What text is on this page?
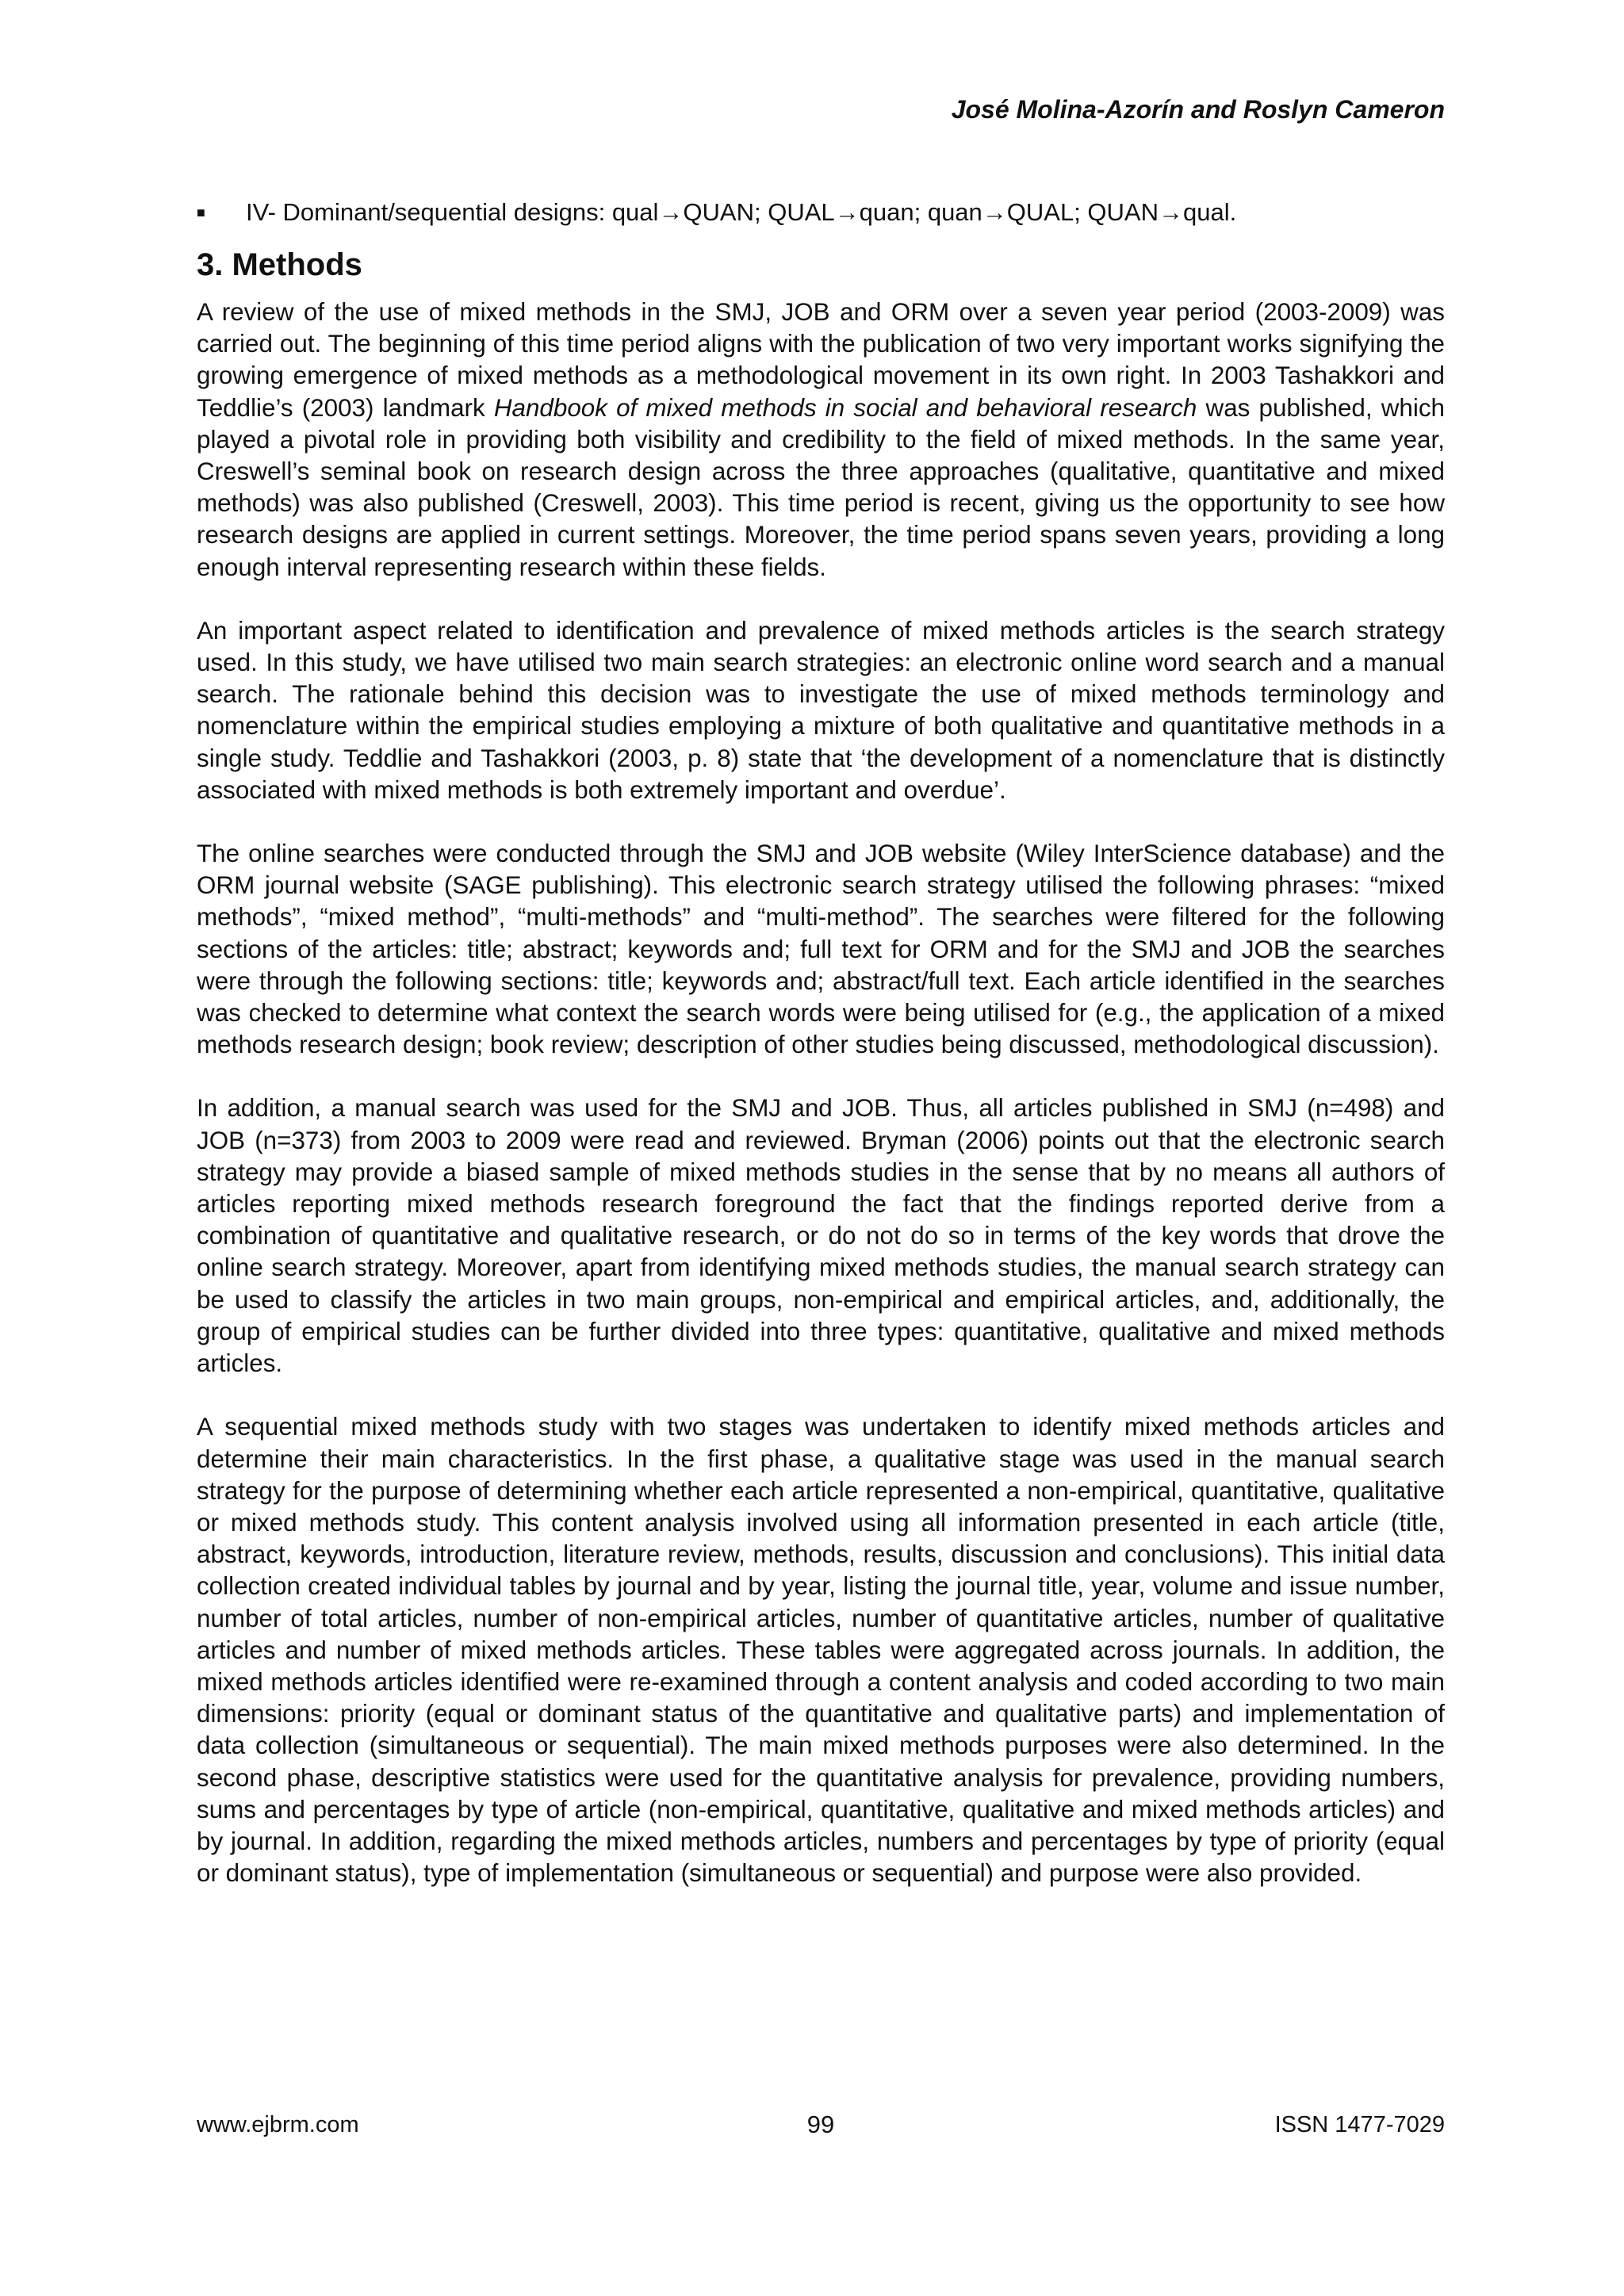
José Molina-Azorín and Roslyn Cameron
■	IV- Dominant/sequential designs: qual→QUAN; QUAL→quan; quan→QUAL; QUAN→qual.
3. Methods

A review of the use of mixed methods in the SMJ, JOB and ORM over a seven year period (2003-2009) was carried out. The beginning of this time period aligns with the publication of two very important works signifying the growing emergence of mixed methods as a methodological movement in its own right. In 2003 Tashakkori and Teddlie’s (2003) landmark Handbook of mixed methods in social and behavioral research was published, which played a pivotal role in providing both visibility and credibility to the field of mixed methods. In the same year, Creswell’s seminal book on research design across the three approaches (qualitative, quantitative and mixed methods) was also published (Creswell, 2003). This time period is recent, giving us the opportunity to see how research designs are applied in current settings. Moreover, the time period spans seven years, providing a long enough interval representing research within these fields.

An important aspect related to identification and prevalence of mixed methods articles is the search strategy used. In this study, we have utilised two main search strategies: an electronic online word search and a manual search. The rationale behind this decision was to investigate the use of mixed methods terminology and nomenclature within the empirical studies employing a mixture of both qualitative and quantitative methods in a single study. Teddlie and Tashakkori (2003, p. 8) state that ‘the development of a nomenclature that is distinctly associated with mixed methods is both extremely important and overdue’.

The online searches were conducted through the SMJ and JOB website (Wiley InterScience database) and the ORM journal website (SAGE publishing). This electronic search strategy utilised the following phrases: “mixed methods”, “mixed method”, “multi-methods” and “multi-method”. The searches were filtered for the following sections of the articles: title; abstract; keywords and; full text for ORM and for the SMJ and JOB the searches were through the following sections: title; keywords and; abstract/full text. Each article identified in the searches was checked to determine what context the search words were being utilised for (e.g., the application of a mixed methods research design; book review; description of other studies being discussed, methodological discussion).

In addition, a manual search was used for the SMJ and JOB. Thus, all articles published in SMJ (n=498) and JOB (n=373) from 2003 to 2009 were read and reviewed. Bryman (2006) points out that the electronic search strategy may provide a biased sample of mixed methods studies in the sense that by no means all authors of articles reporting mixed methods research foreground the fact that the findings reported derive from a combination of quantitative and qualitative research, or do not do so in terms of the key words that drove the online search strategy. Moreover, apart from identifying mixed methods studies, the manual search strategy can be used to classify the articles in two main groups, non-empirical and empirical articles, and, additionally, the group of empirical studies can be further divided into three types: quantitative, qualitative and mixed methods articles.

A sequential mixed methods study with two stages was undertaken to identify mixed methods articles and determine their main characteristics. In the first phase, a qualitative stage was used in the manual search strategy for the purpose of determining whether each article represented a non-empirical, quantitative, qualitative or mixed methods study. This content analysis involved using all information presented in each article (title, abstract, keywords, introduction, literature review, methods, results, discussion and conclusions). This initial data collection created individual tables by journal and by year, listing the journal title, year, volume and issue number, number of total articles, number of non-empirical articles, number of quantitative articles, number of qualitative articles and number of mixed methods articles. These tables were aggregated across journals. In addition, the mixed methods articles identified were re-examined through a content analysis and coded according to two main dimensions: priority (equal or dominant status of the quantitative and qualitative parts) and implementation of data collection (simultaneous or sequential). The main mixed methods purposes were also determined. In the second phase, descriptive statistics were used for the quantitative analysis for prevalence, providing numbers, sums and percentages by type of article (non-empirical, quantitative, qualitative and mixed methods articles) and by journal. In addition, regarding the mixed methods articles, numbers and percentages by type of priority (equal or dominant status), type of implementation (simultaneous or sequential) and purpose were also provided.

www.ejbrm.com	99	ISSN 1477-7029
